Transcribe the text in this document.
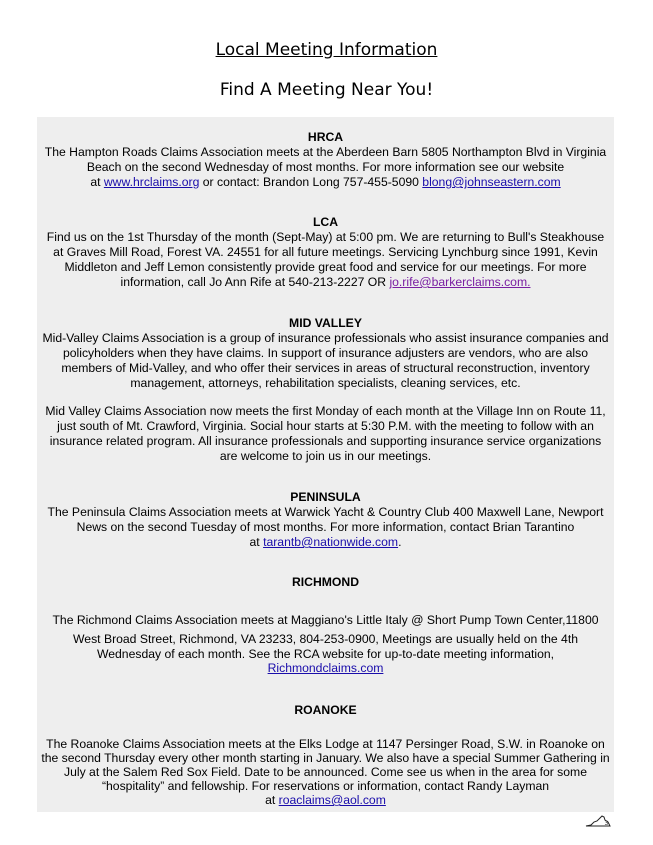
Local Meeting Information
Find A Meeting Near You!
HRCA
The Hampton Roads Claims Association meets at the Aberdeen Barn 5805 Northampton Blvd in Virginia
Beach on the second Wednesday of most months. For more information see our website
at www.hrclaims.org or contact: Brandon Long 757-455-5090 blong@johnseastern.com
LCA
Find us on the 1st Thursday of the month (Sept-May) at 5:00 pm. We are returning to Bull's Steakhouse
at Graves Mill Road, Forest VA. 24551 for all future meetings. Servicing Lynchburg since 1991, Kevin
Middleton and Jeff Lemon consistently provide great food and service for our meetings. For more
information, call Jo Ann Rife at 540-213-2227 OR jo.rife@barkerclaims.com.
MID VALLEY
Mid-Valley Claims Association is a group of insurance professionals who assist insurance companies and
policyholders when they have claims. In support of insurance adjusters are vendors, who are also
members of Mid-Valley, and who offer their services in areas of structural reconstruction, inventory
management, attorneys, rehabilitation specialists, cleaning services, etc.
Mid Valley Claims Association now meets the first Monday of each month at the Village Inn on Route 11,
just south of Mt. Crawford, Virginia. Social hour starts at 5:30 P.M. with the meeting to follow with an
insurance related program. All insurance professionals and supporting insurance service organizations
are welcome to join us in our meetings.
PENINSULA
The Peninsula Claims Association meets at Warwick Yacht & Country Club 400 Maxwell Lane, Newport
News on the second Tuesday of most months. For more information, contact Brian Tarantino
at tarantb@nationwide.com.
RICHMOND
The Richmond Claims Association meets at Maggiano's Little Italy @ Short Pump Town Center,11800
West Broad Street, Richmond, VA 23233, 804-253-0900, Meetings are usually held on the 4th
Wednesday of each month. See the RCA website for up-to-date meeting information,
Richmondclaims.com
ROANOKE
The Roanoke Claims Association meets at the Elks Lodge at 1147 Persinger Road, S.W. in Roanoke on
the second Thursday every other month starting in January. We also have a special Summer Gathering in
July at the Salem Red Sox Field. Date to be announced. Come see us when in the area for some
“hospitality” and fellowship. For reservations or information, contact Randy Layman
at roaclaims@aol.com
3
